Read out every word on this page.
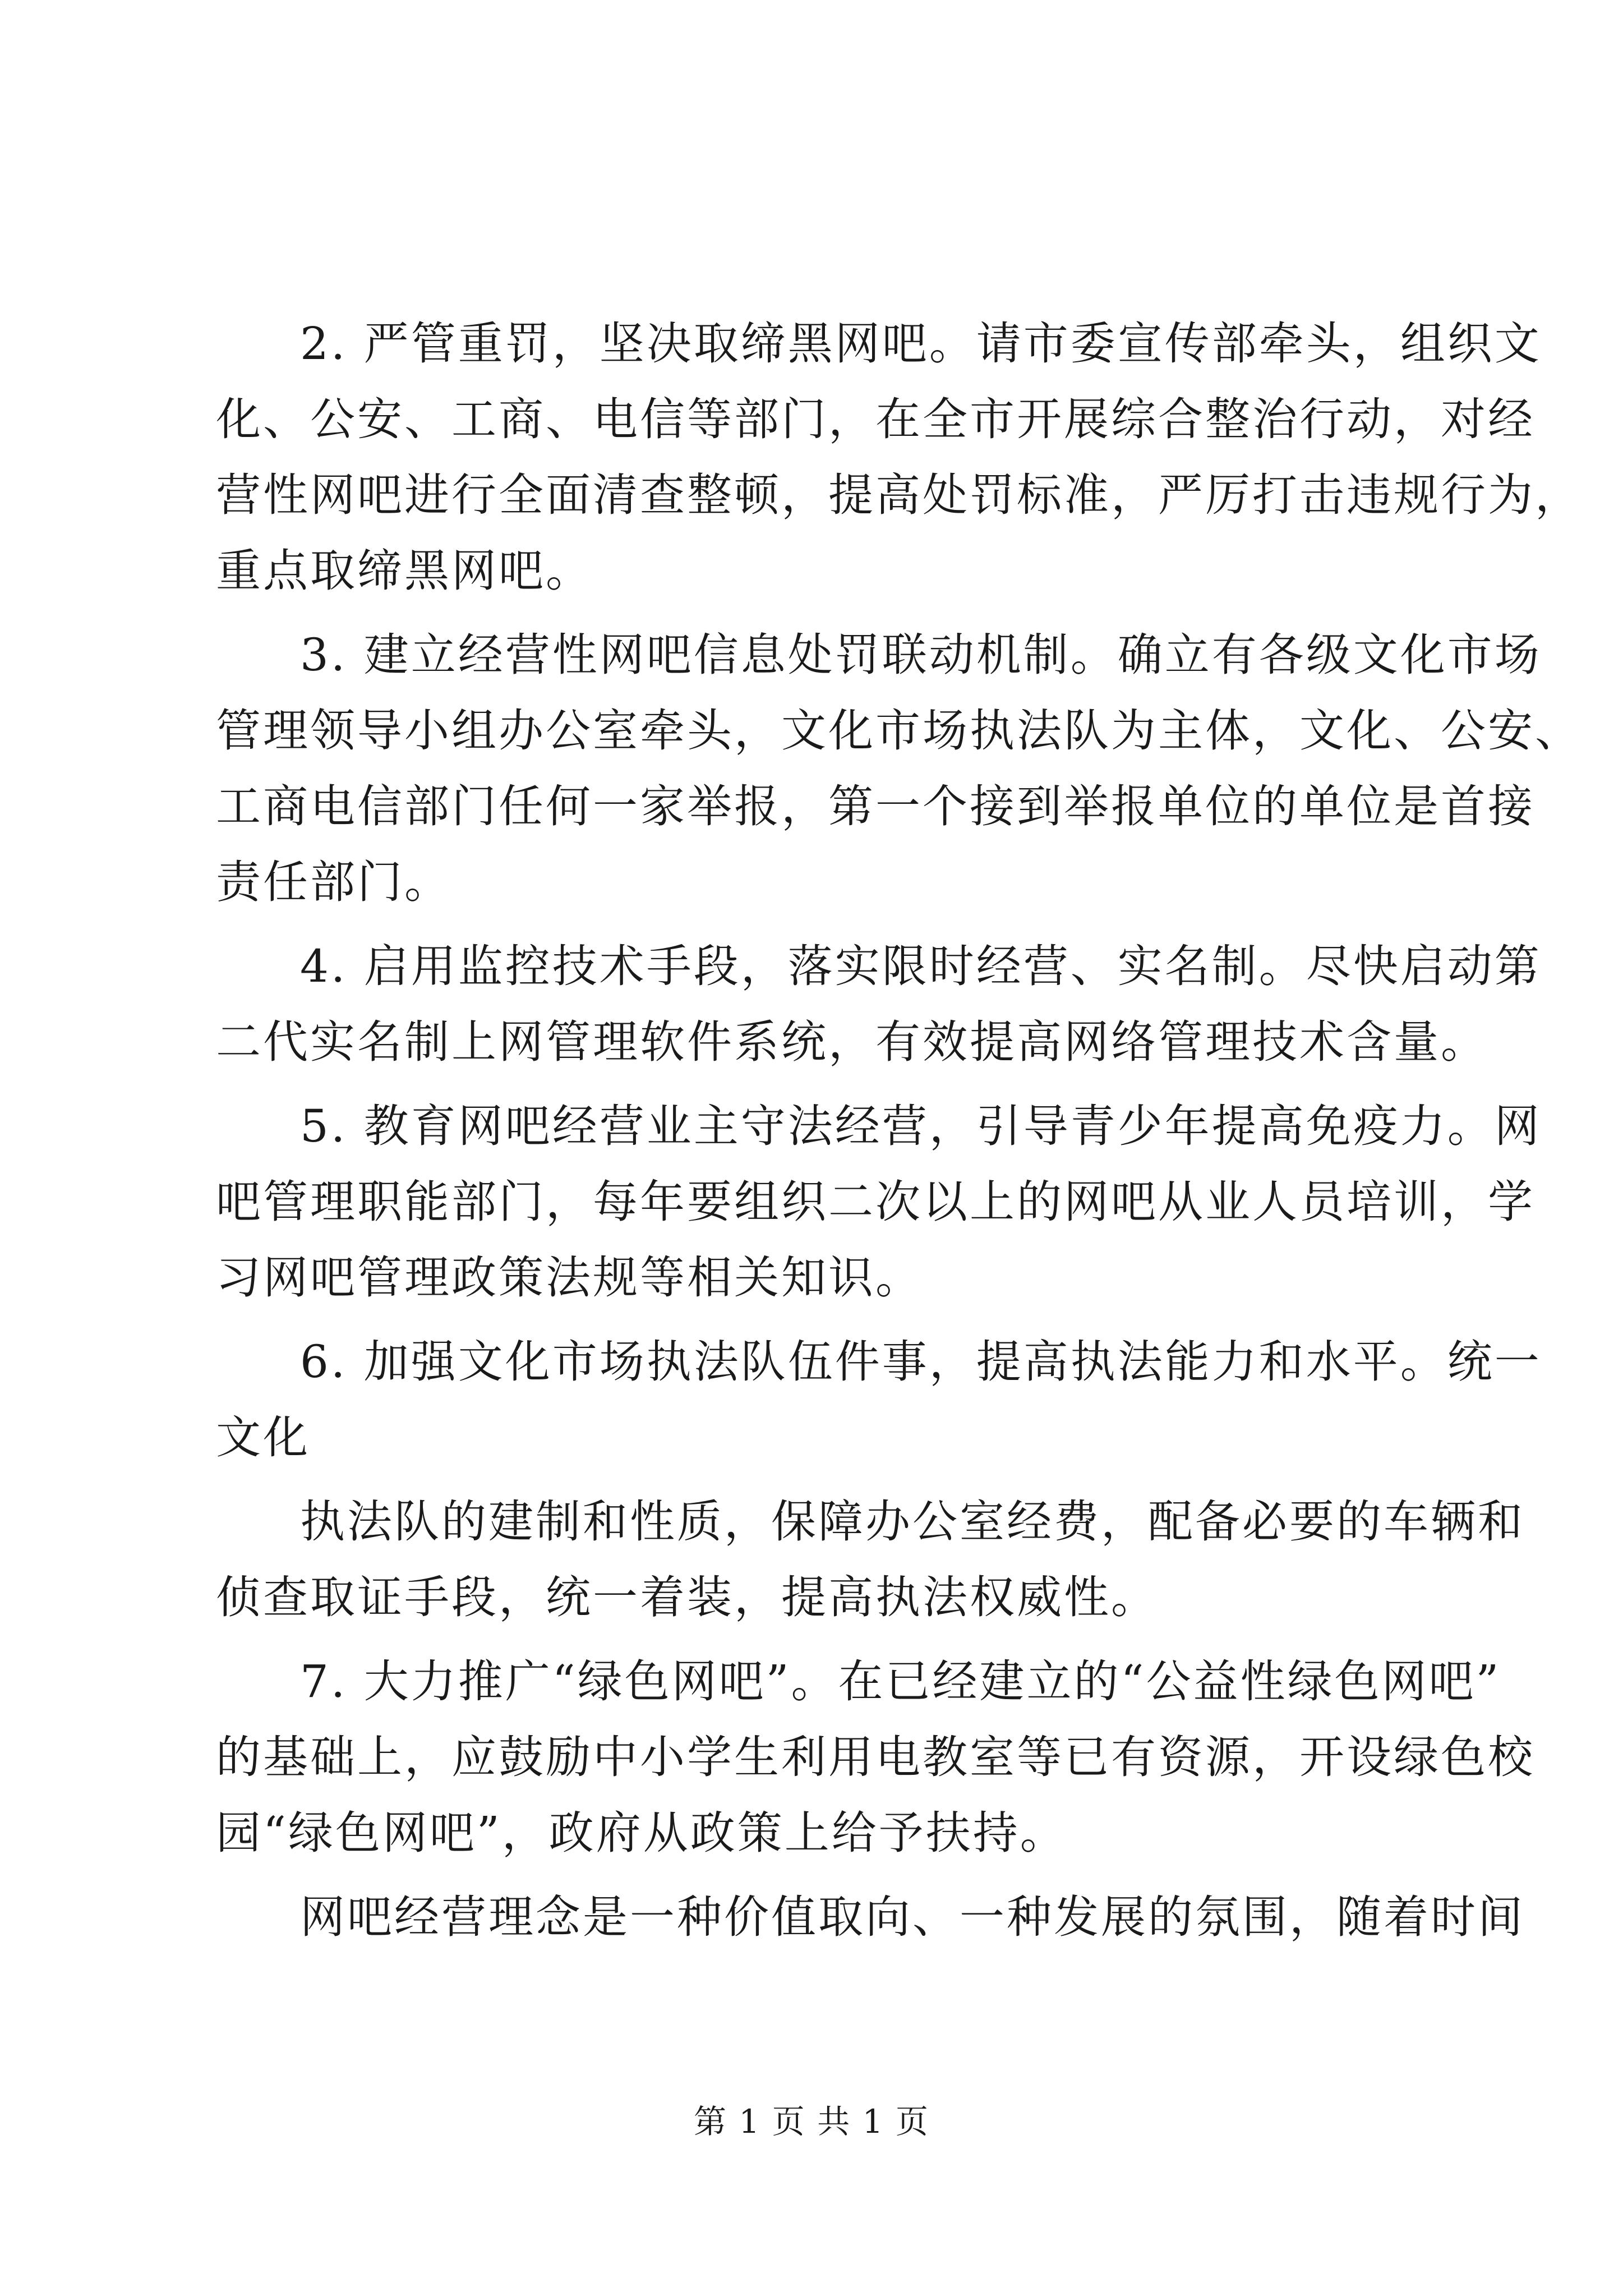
2. 严管重罚，坚决取缔黑网吧。请市委宣传部牵头，组织文
化、公安、工商、电信等部门，在全市开展综合整治行动，对经
营性网吧进行全面清查整顿，提高处罚标准，严厉打击违规行为，
重点取缔黑网吧。
3. 建立经营性网吧信息处罚联动机制。确立有各级文化市场
管理领导小组办公室牵头，文化市场执法队为主体，文化、公安、
工商电信部门任何一家举报，第一个接到举报单位的单位是首接
责任部门。
4. 启用监控技术手段，落实限时经营、实名制。尽快启动第
二代实名制上网管理软件系统，有效提高网络管理技术含量。
5. 教育网吧经营业主守法经营，引导青少年提高免疫力。网
吧管理职能部门，每年要组织二次以上的网吧从业人员培训，学
习网吧管理政策法规等相关知识。
6. 加强文化市场执法队伍件事，提高执法能力和水平。统一
文化
执法队的建制和性质，保障办公室经费，配备必要的车辆和
侦查取证手段，统一着装，提高执法权威性。
7. 大力推广“绿色网吧”。在已经建立的“公益性绿色网吧”
的基础上，应鼓励中小学生利用电教室等已有资源，开设绿色校
园“绿色网吧”，政府从政策上给予扶持。
网吧经营理念是一种价值取向、一种发展的氛围，随着时间
第 1 页 共 1 页
